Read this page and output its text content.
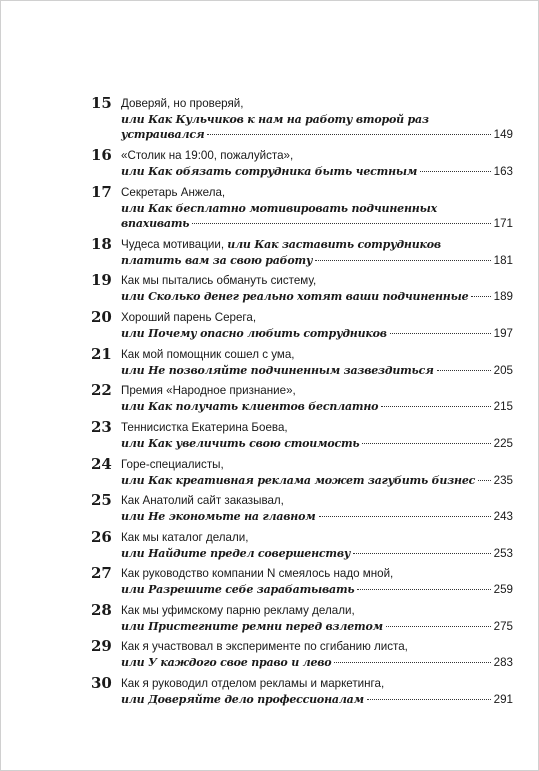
15 Доверяй, но проверяй,
или Как Кульчиков к нам на работу второй раз
устраивался	149
16 «Столик на 19:00, пожалуйста»,
или Как обязать сотрудника быть честным	163
17 Секретарь Анжела,
или Как бесплатно мотивировать подчиненных
впахивать	171
18 Чудеса мотивации, или Как заставить сотрудников
платить вам за свою работу	181
19 Как мы пытались обмануть систему,
или Сколько денег реально хотят ваши подчиненные 189
20 Хороший парень Серега,
или Почему опасно любить сотрудников	197
21 Как мой помощник сошел с ума,
или Не позволяйте подчиненным зазвездиться	205
22 Премия «Народное признание»,
или Как получать клиентов бесплатно	215
23 Теннисистка Екатерина Боева,
или Как увеличить свою стоимость	225
24 Горе-специалисты,
или Как креативная реклама может загубить бизнес 235
25 Как Анатолий сайт заказывал,
или Не экономьте на главном	243
26 Как мы каталог делали,
или Найдите предел совершенству	253
27 Как руководство компании N смеялось надо мной,
или Разрешите себе зарабатывать	259
28 Как мы уфимскому парню рекламу делали,
или Пристегните ремни перед взлетом	275
29 Как я участвовал в эксперименте по сгибанию листа,
или У каждого свое право и лево	283
30 Как я руководил отделом рекламы и маркетинга,
или Доверяйте дело профессионалам	291
